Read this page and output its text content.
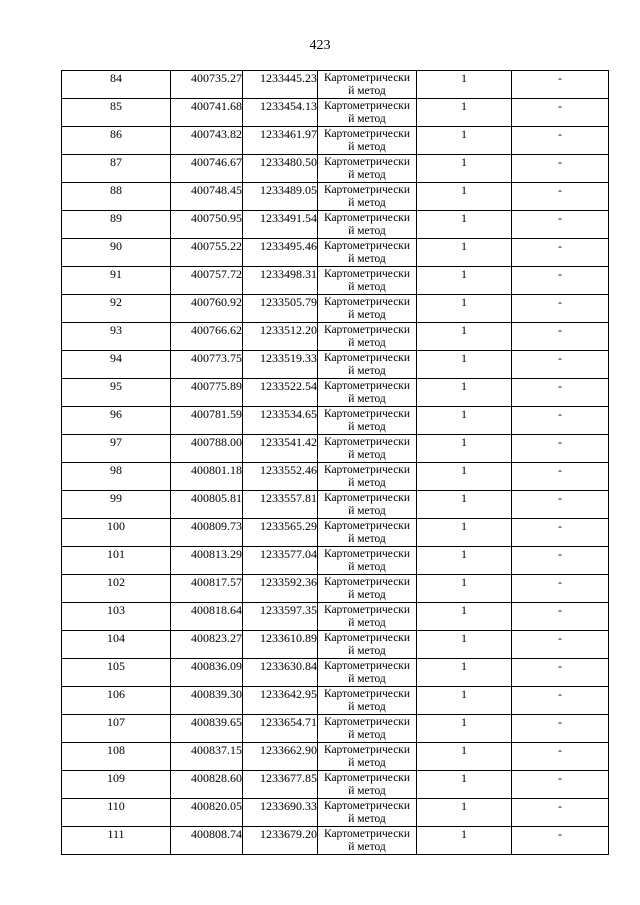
423
84	400735.27	1233445.23	Картометрически
й метод	1	-

85	400741.68	1233454.13	Картометрически
й метод	1	-

86	400743.82	1233461.97	Картометрически
й метод	1	-

87	400746.67	1233480.50	Картометрически
й метод	1	-

88	400748.45	1233489.05	Картометрически
й метод	1	-

89	400750.95	1233491.54	Картометрически
й метод	1	-

90	400755.22	1233495.46	Картометрически
й метод	1	-

91	400757.72	1233498.31	Картометрически
й метод	1	-

92	400760.92	1233505.79	Картометрически
й метод	1	-

93	400766.62	1233512.20	Картометрически
й метод	1	-

94	400773.75	1233519.33	Картометрически
й метод	1	-

95	400775.89	1233522.54	Картометрически
й метод	1	-

96	400781.59	1233534.65	Картометрически
й метод	1	-

97	400788.00	1233541.42	Картометрически
й метод	1	-

98	400801.18	1233552.46	Картометрически
й метод	1	-

99	400805.81	1233557.81	Картометрически
й метод	1	-

100	400809.73	1233565.29	Картометрически
й метод	1	-

101	400813.29	1233577.04	Картометрически
й метод	1	-

102	400817.57	1233592.36	Картометрически
й метод	1	-

103	400818.64	1233597.35	Картометрически
й метод	1	-

104	400823.27	1233610.89	Картометрически
й метод	1	-

105	400836.09	1233630.84	Картометрически
й метод	1	-

106	400839.30	1233642.95	Картометрически
й метод	1	-

107	400839.65	1233654.71	Картометрически
й метод	1	-

108	400837.15	1233662.90	Картометрически
й метод	1	-

109	400828.60	1233677.85	Картометрически
й метод	1	-

110	400820.05	1233690.33	Картометрически
й метод	1	-

111	400808.74	1233679.20	Картометрически
й метод	1	-
